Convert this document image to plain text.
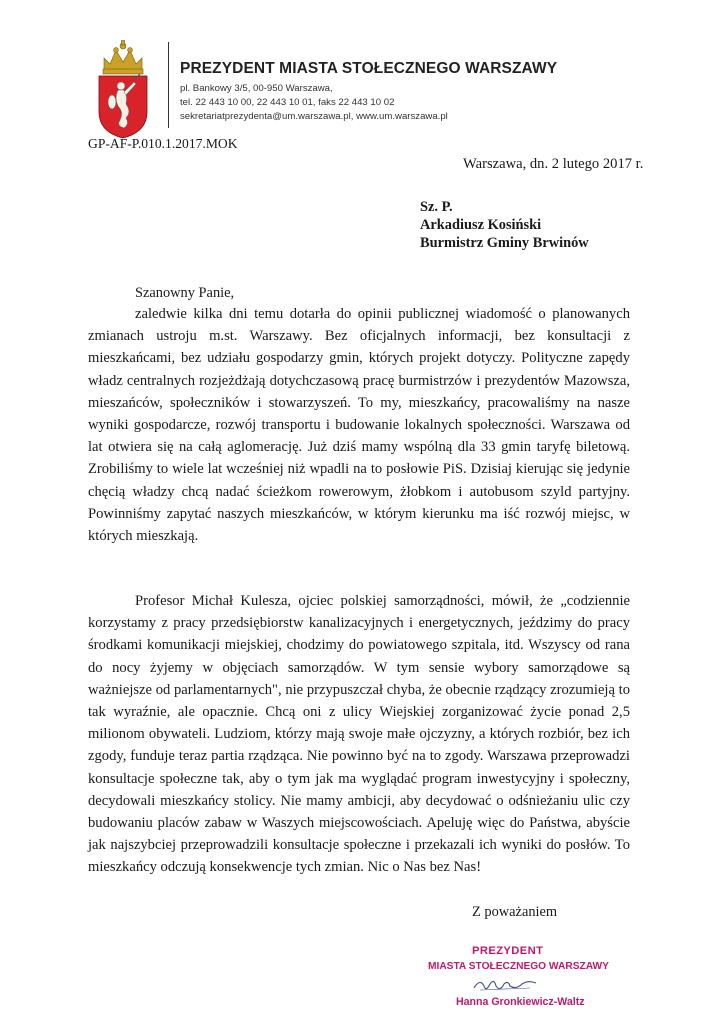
PREZYDENT MIASTA STOŁECZNEGO WARSZAWY
pl. Bankowy 3/5, 00-950 Warszawa,
tel. 22 443 10 00, 22 443 10 01, faks 22 443 10 02
sekretariatprezydenta@um.warszawa.pl, www.um.warszawa.pl
GP-AF-P.010.1.2017.MOK
Warszawa, dn. 2 lutego 2017 r.
Sz. P.
Arkadiusz Kosiński
Burmistrz Gminy Brwinów
Szanowny Panie,

zaledwie kilka dni temu dotarła do opinii publicznej wiadomość o planowanych zmianach ustroju m.st. Warszawy. Bez oficjalnych informacji, bez konsultacji z mieszkańcami, bez udziału gospodarzy gmin, których projekt dotyczy. Polityczne zapędy władz centralnych rozjeżdżają dotychczasową pracę burmistrzów i prezydentów Mazowsza, mieszańców, społeczników i stowarzyszeń. To my, mieszkańcy, pracowaliśmy na nasze wyniki gospodarcze, rozwój transportu i budowanie lokalnych społeczności. Warszawa od lat otwiera się na całą aglomerację. Już dziś mamy wspólną dla 33 gmin taryfę biletową. Zrobiliśmy to wiele lat wcześniej niż wpadli na to posłowie PiS. Dzisiaj kierując się jedynie chęcią władzy chcą nadać ścieżkom rowerowym, żłobkom i autobusom szyld partyjny. Powinniśmy zapytać naszych mieszkańców, w którym kierunku ma iść rozwój miejsc, w których mieszkają.

Profesor Michał Kulesza, ojciec polskiej samorządności, mówił, że „codziennie korzystamy z pracy przedsiębiorstw kanalizacyjnych i energetycznych, jeździmy do pracy środkami komunikacji miejskiej, chodzimy do powiatowego szpitala, itd. Wszyscy od rana do nocy żyjemy w objęciach samorządów. W tym sensie wybory samorządowe są ważniejsze od parlamentarnych", nie przypuszczał chyba, że obecnie rządzący zrozumieją to tak wyraźnie, ale opacznie. Chcą oni z ulicy Wiejskiej zorganizować życie ponad 2,5 milionom obywateli. Ludziom, którzy mają swoje małe ojczyzny, a których rozbiór, bez ich zgody, funduje teraz partia rządząca. Nie powinno być na to zgody. Warszawa przeprowadzi konsultacje społeczne tak, aby o tym jak ma wyglądać program inwestycyjny i społeczny, decydowali mieszkańcy stolicy. Nie mamy ambicji, aby decydować o odśnieżaniu ulic czy budowaniu placów zabaw w Waszych miejscowościach. Apeluję więc do Państwa, abyście jak najszybciej przeprowadzili konsultacje społeczne i przekazali ich wyniki do posłów. To mieszkańcy odczują konsekwencje tych zmian. Nic o Nas bez Nas!

Z poważaniem
PREZYDENT
MIASTA STOŁECZNEGO WARSZAWY
Hanna Gronkiewicz-Waltz
